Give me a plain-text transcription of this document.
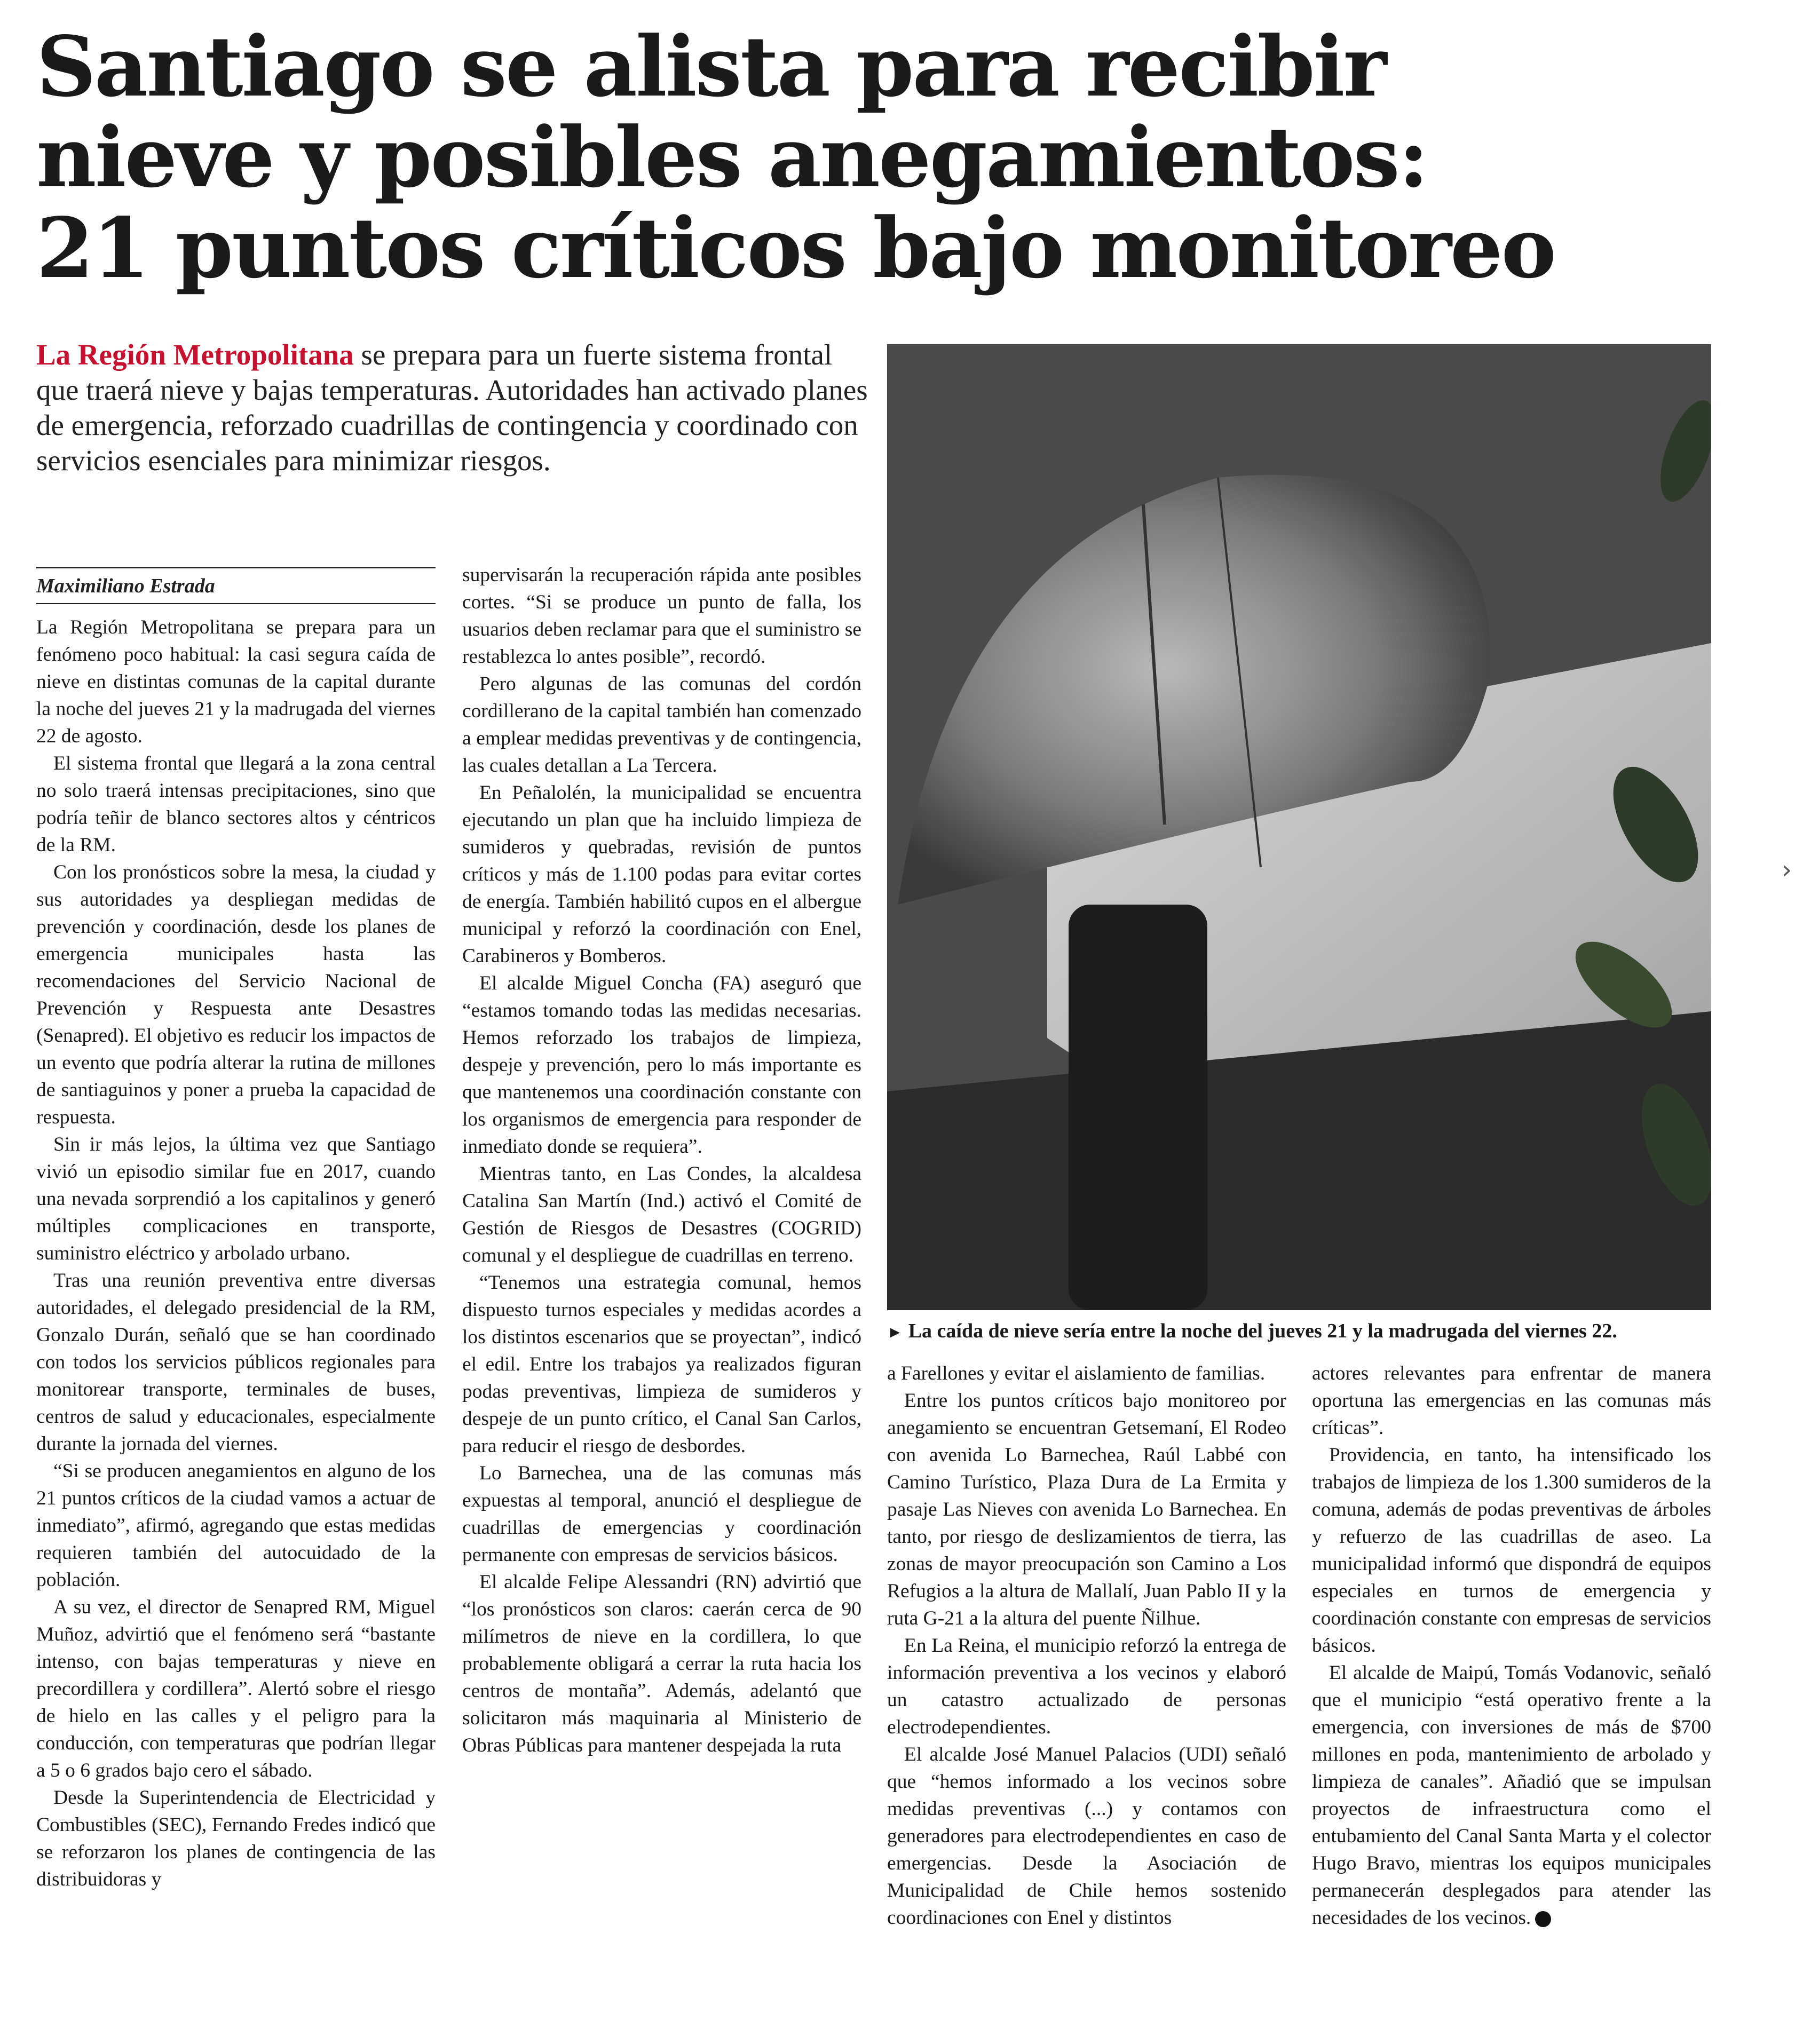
Santiago se alista para recibir
nieve y posibles anegamientos:
21 puntos críticos bajo monitoreo

La Región Metropolitana se prepara para un fuerte sistema frontal que traerá nieve y bajas temperaturas. Autoridades han activado planes de emergencia, reforzado cuadrillas de contingencia y coordinado con servicios esenciales para minimizar riesgos.

Maximiliano Estrada

La Región Metropolitana se prepara para un fenómeno poco habitual: la casi segura caída de nieve en distintas comunas de la capital durante la noche del jueves 21 y la madrugada del viernes 22 de agosto.

El sistema frontal que llegará a la zona central no solo traerá intensas precipitaciones, sino que podría teñir de blanco sectores altos y céntricos de la RM.

Con los pronósticos sobre la mesa, la ciudad y sus autoridades ya despliegan medidas de prevención y coordinación, desde los planes de emergencia municipales hasta las recomendaciones del Servicio Nacional de Prevención y Respuesta ante Desastres (Senapred). El objetivo es reducir los impactos de un evento que podría alterar la rutina de millones de santiaguinos y poner a prueba la capacidad de respuesta.

Sin ir más lejos, la última vez que Santiago vivió un episodio similar fue en 2017, cuando una nevada sorprendió a los capitalinos y generó múltiples complicaciones en transporte, suministro eléctrico y arbolado urbano.

Tras una reunión preventiva entre diversas autoridades, el delegado presidencial de la RM, Gonzalo Durán, señaló que se han coordinado con todos los servicios públicos regionales para monitorear transporte, terminales de buses, centros de salud y educacionales, especialmente durante la jornada del viernes.

“Si se producen anegamientos en alguno de los 21 puntos críticos de la ciudad vamos a actuar de inmediato”, afirmó, agregando que estas medidas requieren también del autocuidado de la población.

A su vez, el director de Senapred RM, Miguel Muñoz, advirtió que el fenómeno será “bastante intenso, con bajas temperaturas y nieve en precordillera y cordillera”. Alertó sobre el riesgo de hielo en las calles y el peligro para la conducción, con temperaturas que podrían llegar a 5 o 6 grados bajo cero el sábado.

Desde la Superintendencia de Electricidad y Combustibles (SEC), Fernando Fredes indicó que se reforzaron los planes de contingencia de las distribuidoras y

supervisarán la recuperación rápida ante posibles cortes. “Si se produce un punto de falla, los usuarios deben reclamar para que el suministro se restablezca lo antes posible”, recordó.

Pero algunas de las comunas del cordón cordillerano de la capital también han comenzado a emplear medidas preventivas y de contingencia, las cuales detallan a La Tercera.

En Peñalolén, la municipalidad se encuentra ejecutando un plan que ha incluido limpieza de sumideros y quebradas, revisión de puntos críticos y más de 1.100 podas para evitar cortes de energía. También habilitó cupos en el albergue municipal y reforzó la coordinación con Enel, Carabineros y Bomberos.

El alcalde Miguel Concha (FA) aseguró que “estamos tomando todas las medidas necesarias. Hemos reforzado los trabajos de limpieza, despeje y prevención, pero lo más importante es que mantenemos una coordinación constante con los organismos de emergencia para responder de inmediato donde se requiera”.

Mientras tanto, en Las Condes, la alcaldesa Catalina San Martín (Ind.) activó el Comité de Gestión de Riesgos de Desastres (COGRID) comunal y el despliegue de cuadrillas en terreno.

“Tenemos una estrategia comunal, hemos dispuesto turnos especiales y medidas acordes a los distintos escenarios que se proyectan”, indicó el edil. Entre los trabajos ya realizados figuran podas preventivas, limpieza de sumideros y despeje de un punto crítico, el Canal San Carlos, para reducir el riesgo de desbordes.

Lo Barnechea, una de las comunas más expuestas al temporal, anunció el despliegue de cuadrillas de emergencias y coordinación permanente con empresas de servicios básicos.

El alcalde Felipe Alessandri (RN) advirtió que “los pronósticos son claros: caerán cerca de 90 milímetros de nieve en la cordillera, lo que probablemente obligará a cerrar la ruta hacia los centros de montaña”. Además, adelantó que solicitaron más maquinaria al Ministerio de Obras Públicas para mantener despejada la ruta

► La caída de nieve sería entre la noche del jueves 21 y la madrugada del viernes 22.

a Farellones y evitar el aislamiento de familias.

Entre los puntos críticos bajo monitoreo por anegamiento se encuentran Getsemaní, El Rodeo con avenida Lo Barnechea, Raúl Labbé con Camino Turístico, Plaza Dura de La Ermita y pasaje Las Nieves con avenida Lo Barnechea. En tanto, por riesgo de deslizamientos de tierra, las zonas de mayor preocupación son Camino a Los Refugios a la altura de Mallalí, Juan Pablo II y la ruta G-21 a la altura del puente Ñilhue.

En La Reina, el municipio reforzó la entrega de información preventiva a los vecinos y elaboró un catastro actualizado de personas electrodependientes.

El alcalde José Manuel Palacios (UDI) señaló que “hemos informado a los vecinos sobre medidas preventivas (...) y contamos con generadores para electrodependientes en caso de emergencias. Desde la Asociación de Municipalidad de Chile hemos sostenido coordinaciones con Enel y distintos

actores relevantes para enfrentar de manera oportuna las emergencias en las comunas más críticas”.

Providencia, en tanto, ha intensificado los trabajos de limpieza de los 1.300 sumideros de la comuna, además de podas preventivas de árboles y refuerzo de las cuadrillas de aseo. La municipalidad informó que dispondrá de equipos especiales en turnos de emergencia y coordinación constante con empresas de servicios básicos.

El alcalde de Maipú, Tomás Vodanovic, señaló que el municipio “está operativo frente a la emergencia, con inversiones de más de $700 millones en poda, mantenimiento de arbolado y limpieza de canales”. Añadió que se impulsan proyectos de infraestructura como el entubamiento del Canal Santa Marta y el colector Hugo Bravo, mientras los equipos municipales permanecerán desplegados para atender las necesidades de los vecinos.

›
